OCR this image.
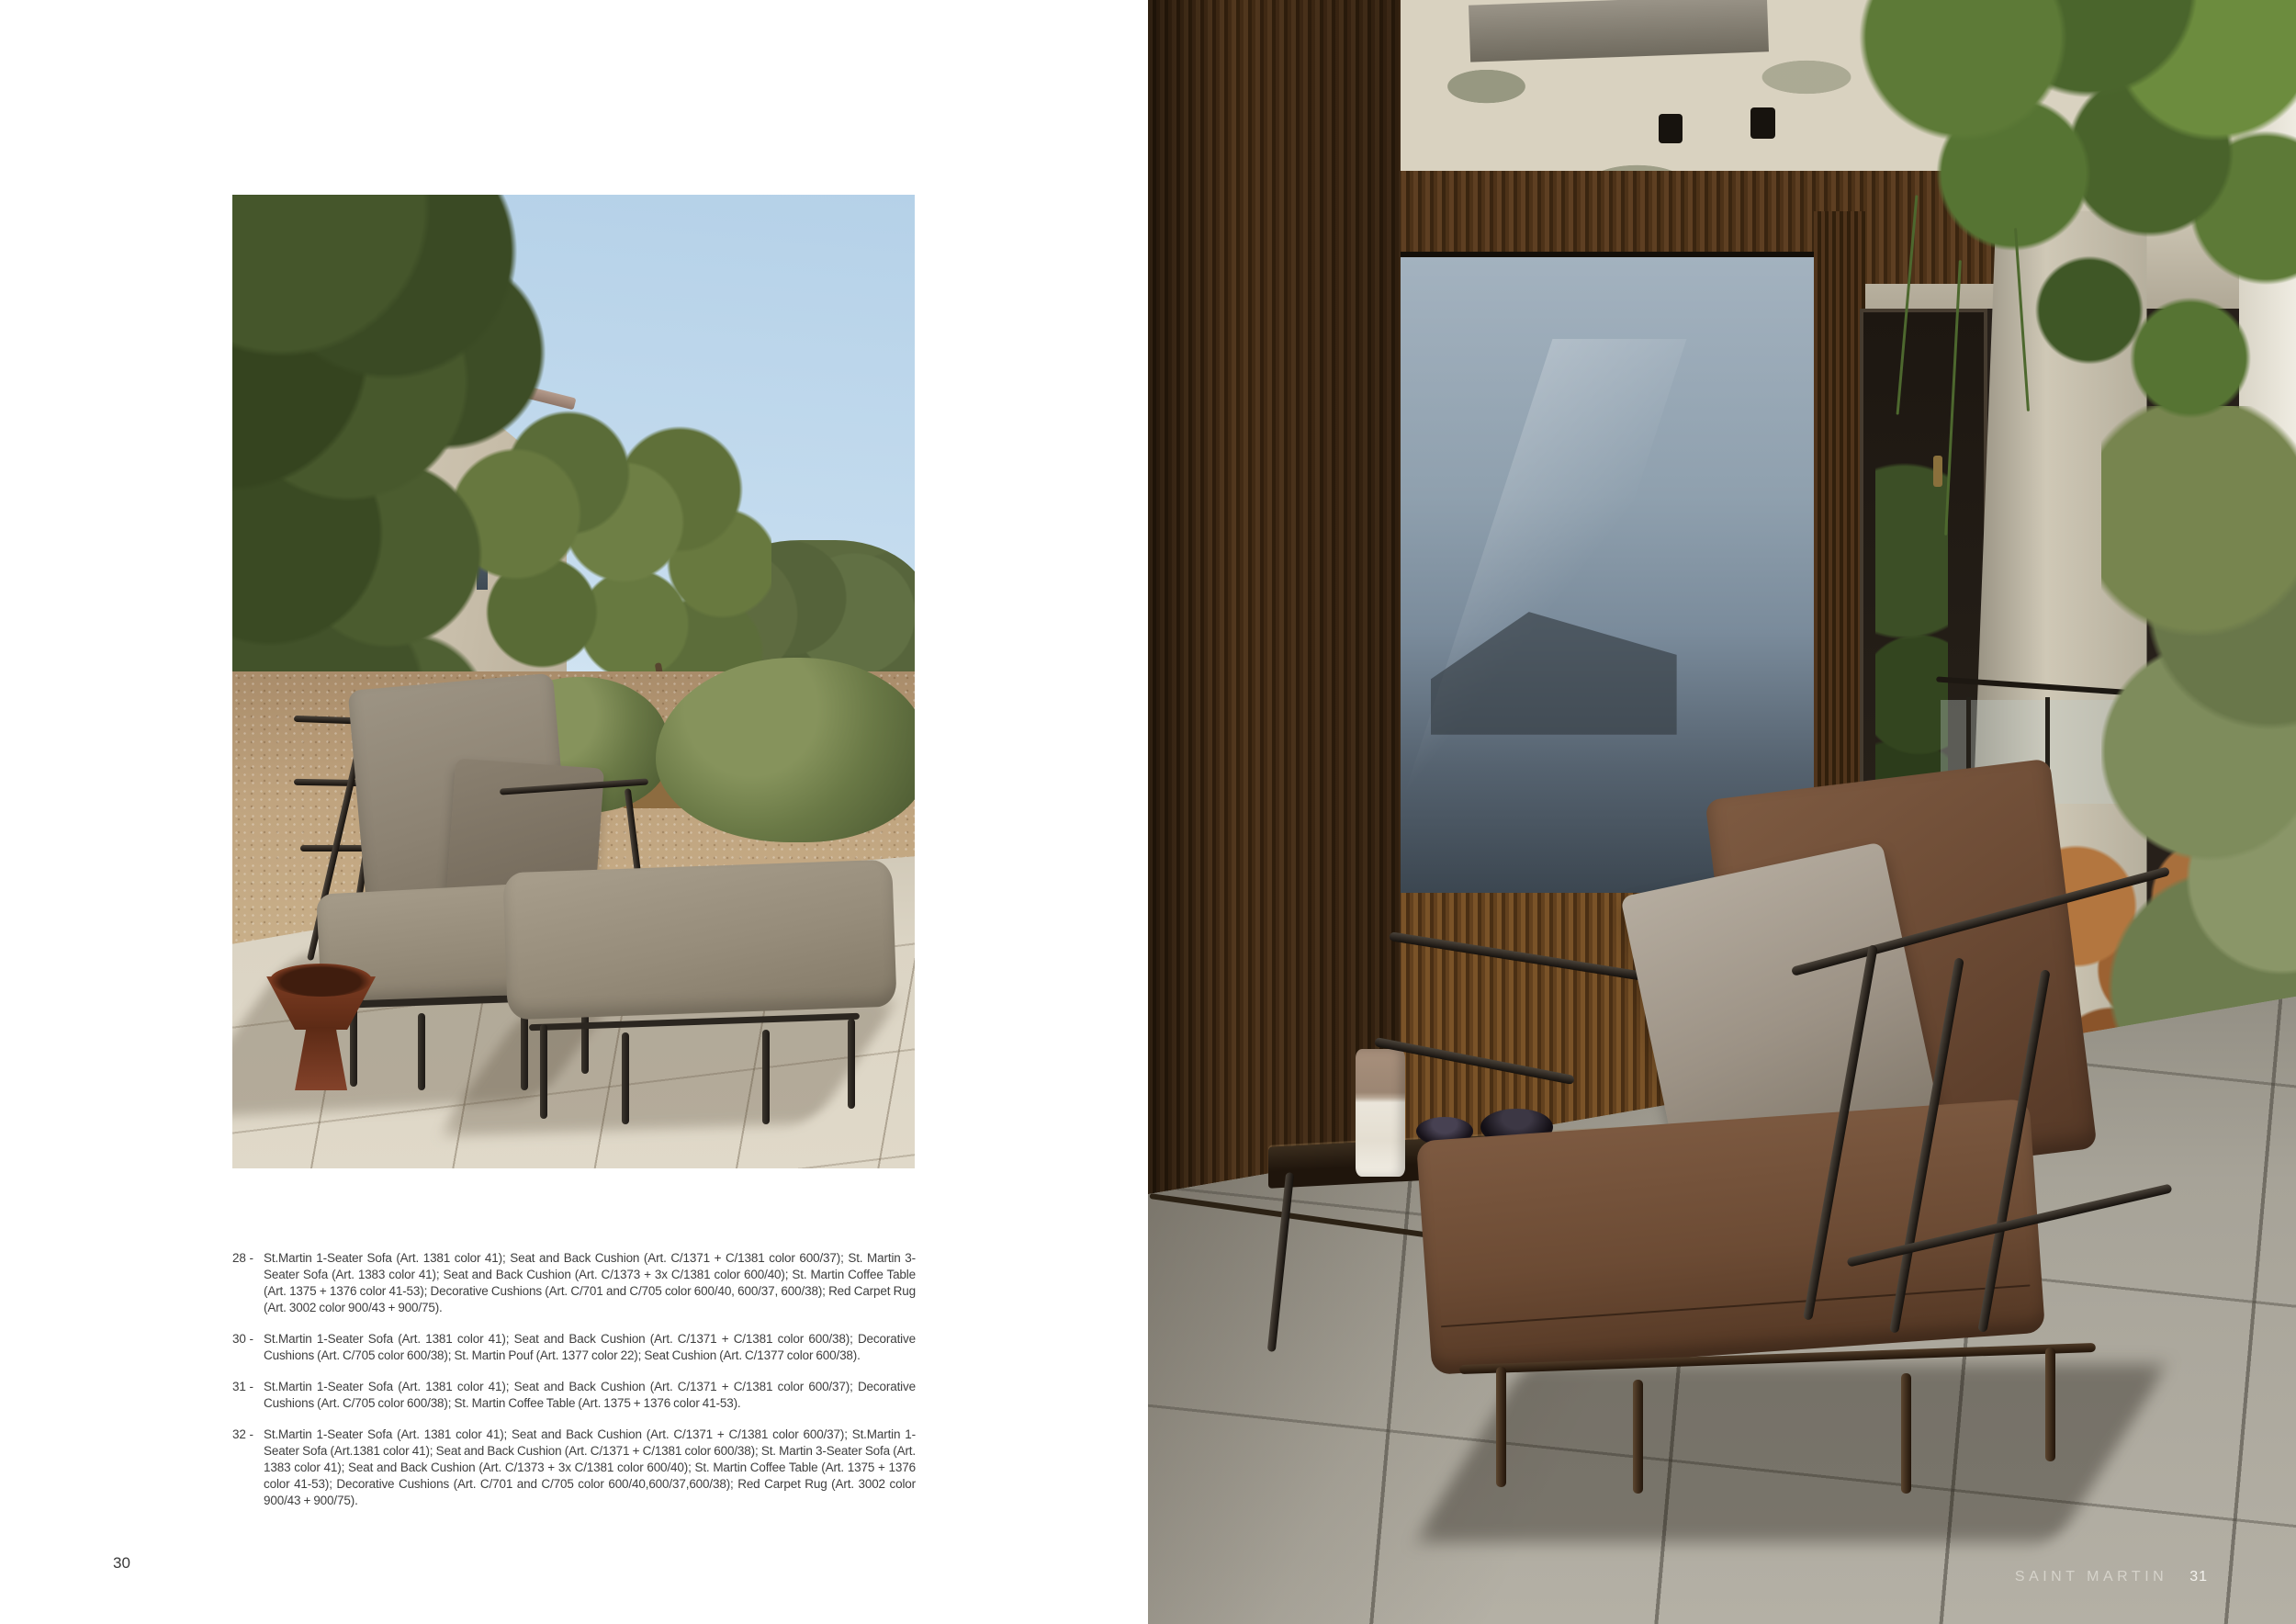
28 - St.Martin 1-Seater Sofa (Art. 1381 color 41); Seat and Back Cushion (Art. C/1371 + C/1381 color 600/37); St. Martin 3-Seater Sofa (Art. 1383 color 41); Seat and Back Cushion (Art. C/1373 + 3x C/1381 color 600/40); St. Martin Coffee Table (Art. 1375 + 1376 color 41-53); Decorative Cushions (Art. C/701 and C/705 color 600/40, 600/37, 600/38); Red Carpet Rug (Art. 3002 color 900/43 + 900/75).

30 - St.Martin 1-Seater Sofa (Art. 1381 color 41); Seat and Back Cushion (Art. C/1371 + C/1381 color 600/38); Decorative Cushions (Art. C/705 color 600/38); St. Martin Pouf (Art. 1377 color 22); Seat Cushion (Art. C/1377 color 600/38).

31 - St.Martin 1-Seater Sofa (Art. 1381 color 41); Seat and Back Cushion (Art. C/1371 + C/1381 color 600/37); Decorative Cushions (Art. C/705 color 600/38); St. Martin Coffee Table (Art. 1375 + 1376 color 41-53).

32 - St.Martin 1-Seater Sofa (Art. 1381 color 41); Seat and Back Cushion (Art. C/1371 + C/1381 color 600/37); St.Martin 1-Seater Sofa (Art.1381 color 41); Seat and Back Cushion (Art. C/1371 + C/1381 color 600/38); St. Martin 3-Seater Sofa (Art. 1383 color 41); Seat and Back Cushion (Art. C/1373 + 3x C/1381 color 600/40); St. Martin Coffee Table (Art. 1375 + 1376 color 41-53); Decorative Cushions (Art. C/701 and C/705 color 600/40,600/37,600/38); Red Carpet Rug (Art. 3002 color 900/43 + 900/75).

30
SAINT MARTIN 31
